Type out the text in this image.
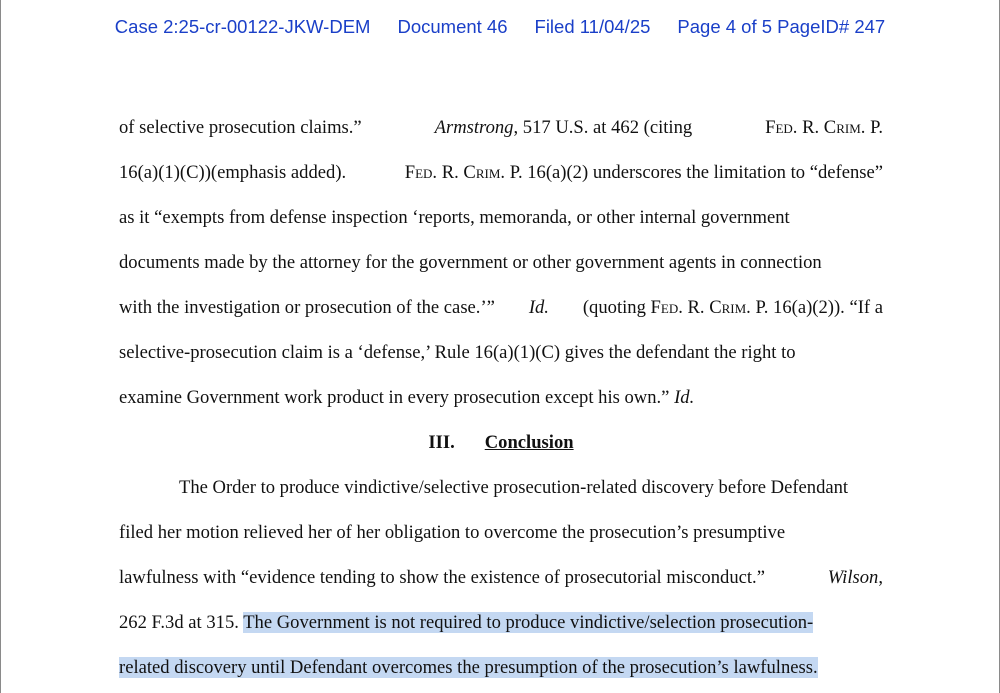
Case 2:25-cr-00122-JKW-DEM Document 46 Filed 11/04/25 Page 4 of 5 PageID# 247
of selective prosecution claims.”	Armstrong, 517 U.S. at 462 (citing	Fed. R. Crim. P.
16(a)(1)(C))(emphasis added).	Fed. R. Crim. P. 16(a)(2) underscores the limitation to “defense”
as it “exempts from defense inspection ‘reports, memoranda, or other internal government
documents made by the attorney for the government or other government agents in connection
with the investigation or prosecution of the case.’” Id. (quoting Fed. R. Crim. P. 16(a)(2)). “If a
selective-prosecution claim is a ‘defense,’ Rule 16(a)(1)(C) gives the defendant the right to
examine Government work product in every prosecution except his own.” Id.
III. Conclusion
The Order to produce vindictive/selective prosecution-related discovery before Defendant
filed her motion relieved her of her obligation to overcome the prosecution’s presumptive
lawfulness with “evidence tending to show the existence of prosecutorial misconduct.”	Wilson,
262 F.3d at 315. The Government is not required to produce vindictive/selection prosecution-
related discovery until Defendant overcomes the presumption of the prosecution’s lawfulness.
